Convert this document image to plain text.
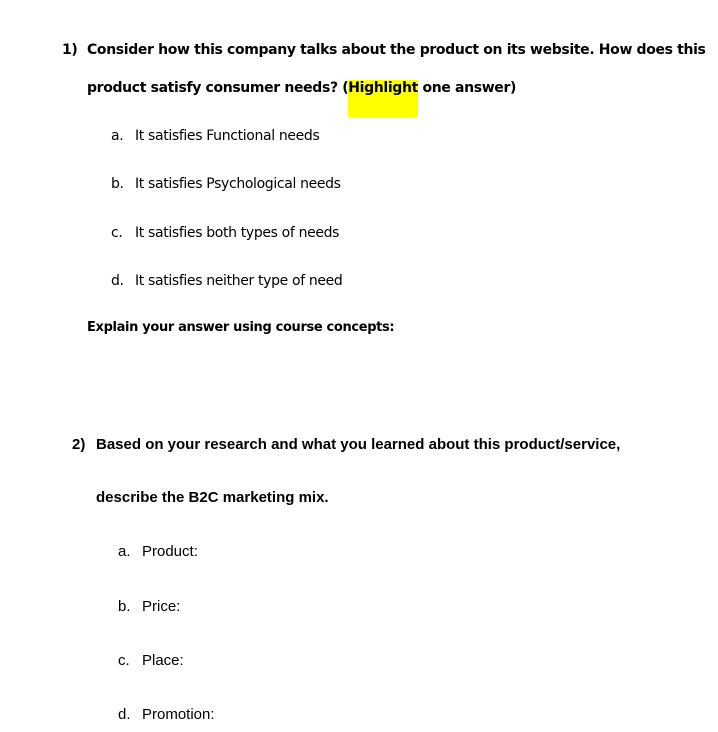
1) Consider how this company talks about the product on its website. How does this
product satisfy consumer needs? (Highlight one answer)
a. It satisfies Functional needs
b. It satisfies Psychological needs
c. It satisfies both types of needs
d. It satisfies neither type of need
Explain your answer using course concepts:
2) Based on your research and what you learned about this product/service,
describe the B2C marketing mix.
a. Product:
b. Price:
c. Place:
d. Promotion:
